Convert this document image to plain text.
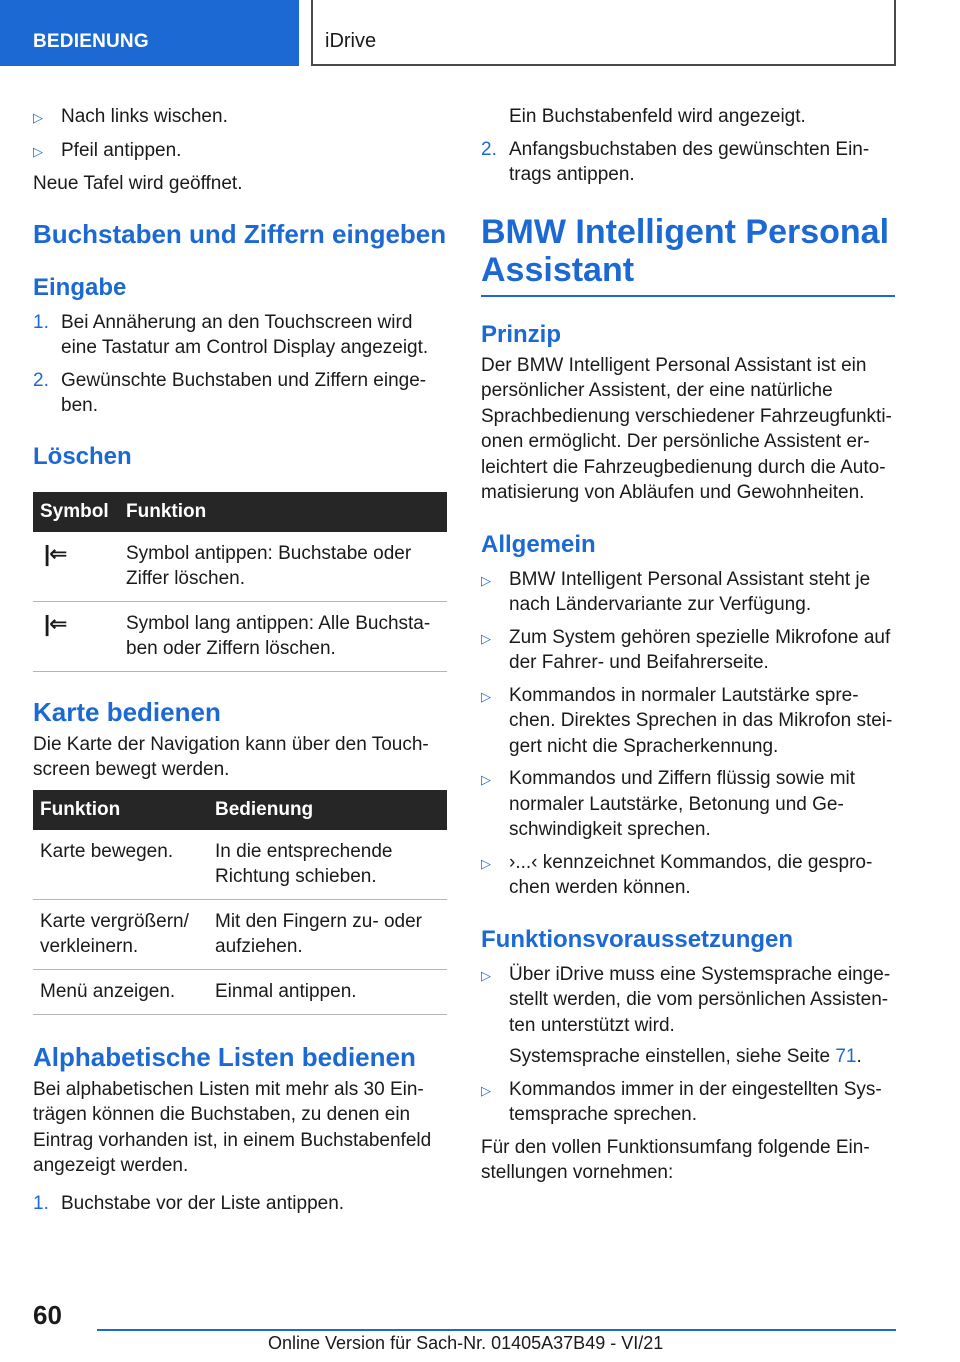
BEDIENUNG	iDrive
▷ Nach links wischen.
▷ Pfeil antippen.
Neue Tafel wird geöffnet.
Buchstaben und Ziffern eingeben
Eingabe
1. Bei Annäherung an den Touchscreen wird eine Tastatur am Control Display angezeigt.
2. Gewünschte Buchstaben und Ziffern einge-ben.
Löschen
Symbol	Funktion
|⇐	Symbol antippen: Buchstabe oder Ziffer löschen.
|⇐	Symbol lang antippen: Alle Buchsta-ben oder Ziffern löschen.
Karte bedienen
Die Karte der Navigation kann über den Touch-screen bewegt werden.
Funktion	Bedienung
Karte bewegen.	In die entsprechende Richtung schieben.
Karte vergrößern/ verkleinern.	Mit den Fingern zu- oder aufziehen.
Menü anzeigen.	Einmal antippen.
Alphabetische Listen bedienen
Bei alphabetischen Listen mit mehr als 30 Ein-trägen können die Buchstaben, zu denen ein Eintrag vorhanden ist, in einem Buchstabenfeld angezeigt werden.
1. Buchstabe vor der Liste antippen.
Ein Buchstabenfeld wird angezeigt.
2. Anfangsbuchstaben des gewünschten Ein-trags antippen.
BMW Intelligent Personal Assistant
Prinzip
Der BMW Intelligent Personal Assistant ist ein persönlicher Assistent, der eine natürliche Sprachbedienung verschiedener Fahrzeugfunkti-onen ermöglicht. Der persönliche Assistent er-leichtert die Fahrzeugbedienung durch die Auto-matisierung von Abläufen und Gewohnheiten.
Allgemein
▷ BMW Intelligent Personal Assistant steht je nach Ländervariante zur Verfügung.
▷ Zum System gehören spezielle Mikrofone auf der Fahrer- und Beifahrerseite.
▷ Kommandos in normaler Lautstärke spre-chen. Direktes Sprechen in das Mikrofon stei-gert nicht die Spracherkennung.
▷ Kommandos und Ziffern flüssig sowie mit normaler Lautstärke, Betonung und Ge-schwindigkeit sprechen.
▷ ›...‹ kennzeichnet Kommandos, die gespro-chen werden können.
Funktionsvoraussetzungen
▷ Über iDrive muss eine Systemsprache einge-stellt werden, die vom persönlichen Assisten-ten unterstützt wird.
Systemsprache einstellen, siehe Seite 71.
▷ Kommandos immer in der eingestellten Sys-temsprache sprechen.
Für den vollen Funktionsumfang folgende Ein-stellungen vornehmen:
60
Online Version für Sach-Nr. 01405A37B49 - VI/21
